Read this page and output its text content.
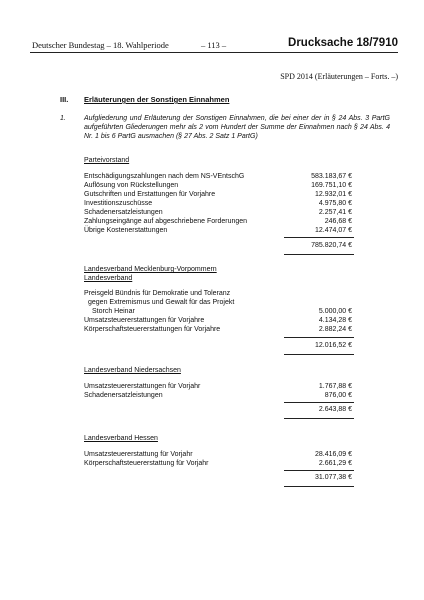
Deutscher Bundestag – 18. Wahlperiode	– 113 –	Drucksache 18/7910
SPD 2014 (Erläuterungen – Forts. –)
III. Erläuterungen der Sonstigen Einnahmen
1.	Aufgliederung und Erläuterung der Sonstigen Einnahmen, die bei einer der in § 24 Abs. 3 PartG aufgeführten Gliederungen mehr als 2 vom Hundert der Summe der Einnahmen nach § 24 Abs. 4 Nr. 1 bis 6 PartG ausmachen (§ 27 Abs. 2 Satz 1 PartG)
Parteivorstand
Entschädigungszahlungen nach dem NS-VEntschG	583.183,67 €
Auflösung von Rückstellungen	169.751,10 €
Gutschriften und Erstattungen für Vorjahre	12.932,01 €
Investitionszuschüsse	4.975,80 €
Schadenersatzleistungen	2.257,41 €
Zahlungseingänge auf abgeschriebene Forderungen	246,68 €
Übrige Kostenerstattungen	12.474,07 €
785.820,74 €
Landesverband Mecklenburg-Vorpommern
Landesverband
Preisgeld Bündnis für Demokratie und Toleranz
gegen Extremismus und Gewalt für das Projekt
Storch Heinar	5.000,00 €
Umsatzsteuererstattungen für Vorjahre	4.134,28 €
Körperschaftsteuererstattungen für Vorjahre	2.882,24 €
12.016,52 €
Landesverband Niedersachsen
Umsatzsteuererstattungen für Vorjahr	1.767,88 €
Schadenersatzleistungen	876,00 €
2.643,88 €
Landesverband Hessen
Umsatzsteuererstattung für Vorjahr	28.416,09 €
Körperschaftsteuererstattung für Vorjahr	2.661,29 €
31.077,38 €
